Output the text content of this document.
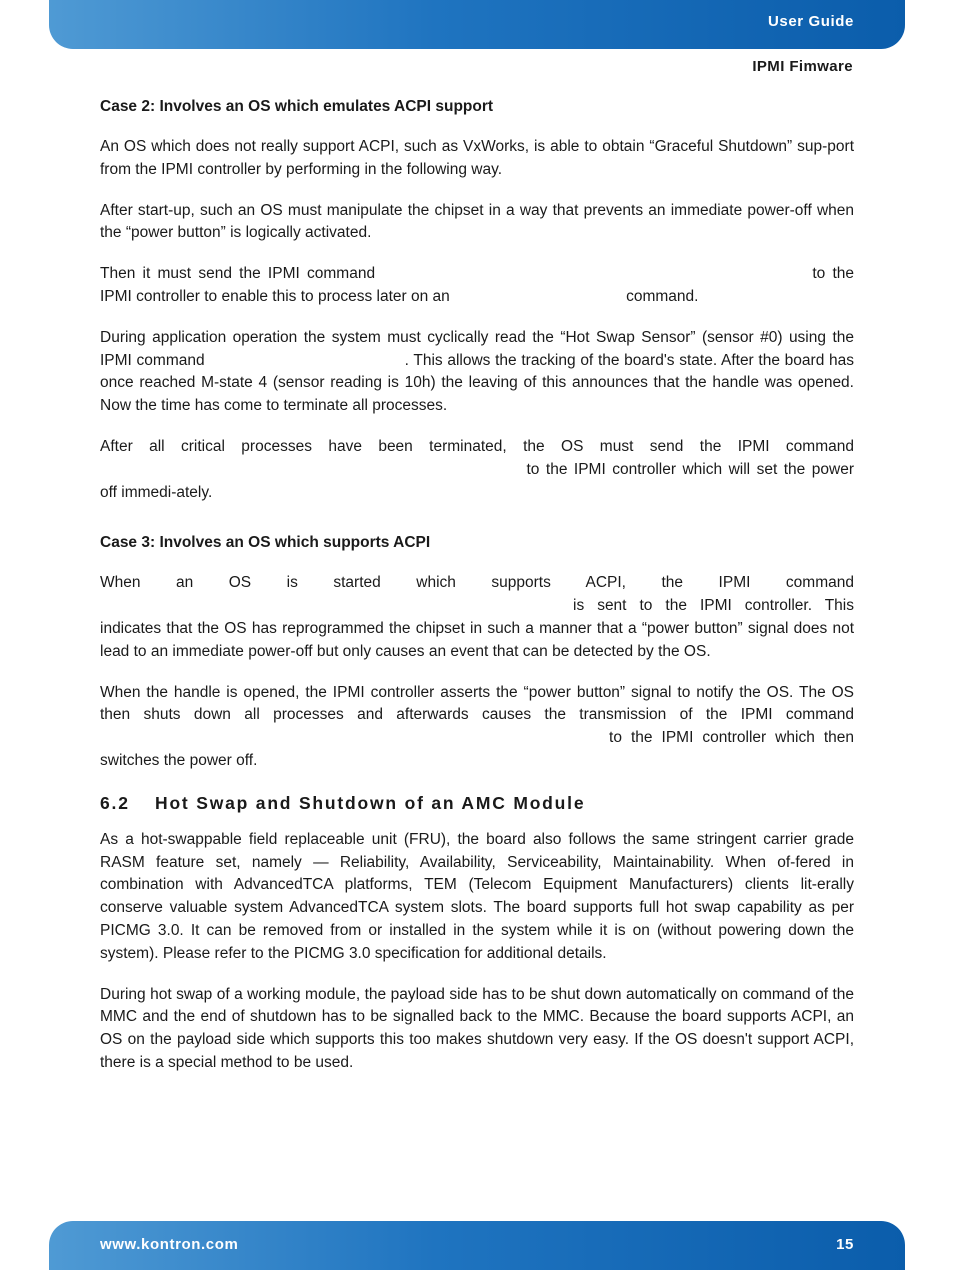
User Guide
IPMI Fimware
Case 2: Involves an OS which emulates ACPI support

An OS which does not really support ACPI, such as VxWorks, is able to obtain “Graceful Shutdown” sup-port from the IPMI controller by performing in the following way.

After start-up, such an OS must manipulate the chipset in a way that prevents an immediate power-off when the “power button” is logically activated.

Then it must send the IPMI command	to the IPMI controller to enable this to process later on an	command.

During application operation the system must cyclically read the “Hot Swap Sensor” (sensor #0) using the IPMI command	. This allows the tracking of the board's state. After the board has once reached M-state 4 (sensor reading is 10h) the leaving of this announces that the handle was opened. Now the time has come to terminate all processes.

After all critical processes have been terminated, the OS must send the IPMI command to the IPMI controller which will set the power off immedi-ately.

Case 3: Involves an OS which supports ACPI

When an OS is started which supports ACPI, the IPMI command is sent to the IPMI controller. This indicates that the OS has reprogrammed the chipset in such a manner that a “power button” signal does not lead to an immediate power-off but only causes an event that can be detected by the OS.

When the handle is opened, the IPMI controller asserts the “power button” signal to notify the OS. The OS then shuts down all processes and afterwards causes the transmission of the IPMI command to the IPMI controller which then switches the power off.

6.2 Hot Swap and Shutdown of an AMC Module

As a hot-swappable field replaceable unit (FRU), the board also follows the same stringent carrier grade RASM feature set, namely — Reliability, Availability, Serviceability, Maintainability. When of-fered in combination with AdvancedTCA platforms, TEM (Telecom Equipment Manufacturers) clients lit-erally conserve valuable system AdvancedTCA system slots. The board supports full hot swap capability as per PICMG 3.0. It can be removed from or installed in the system while it is on (without powering down the system). Please refer to the PICMG 3.0 specification for additional details.

During hot swap of a working module, the payload side has to be shut down automatically on command of the MMC and the end of shutdown has to be signalled back to the MMC. Because the board supports ACPI, an OS on the payload side which supports this too makes shutdown very easy. If the OS doesn't support ACPI, there is a special method to be used.

www.kontron.com	15
